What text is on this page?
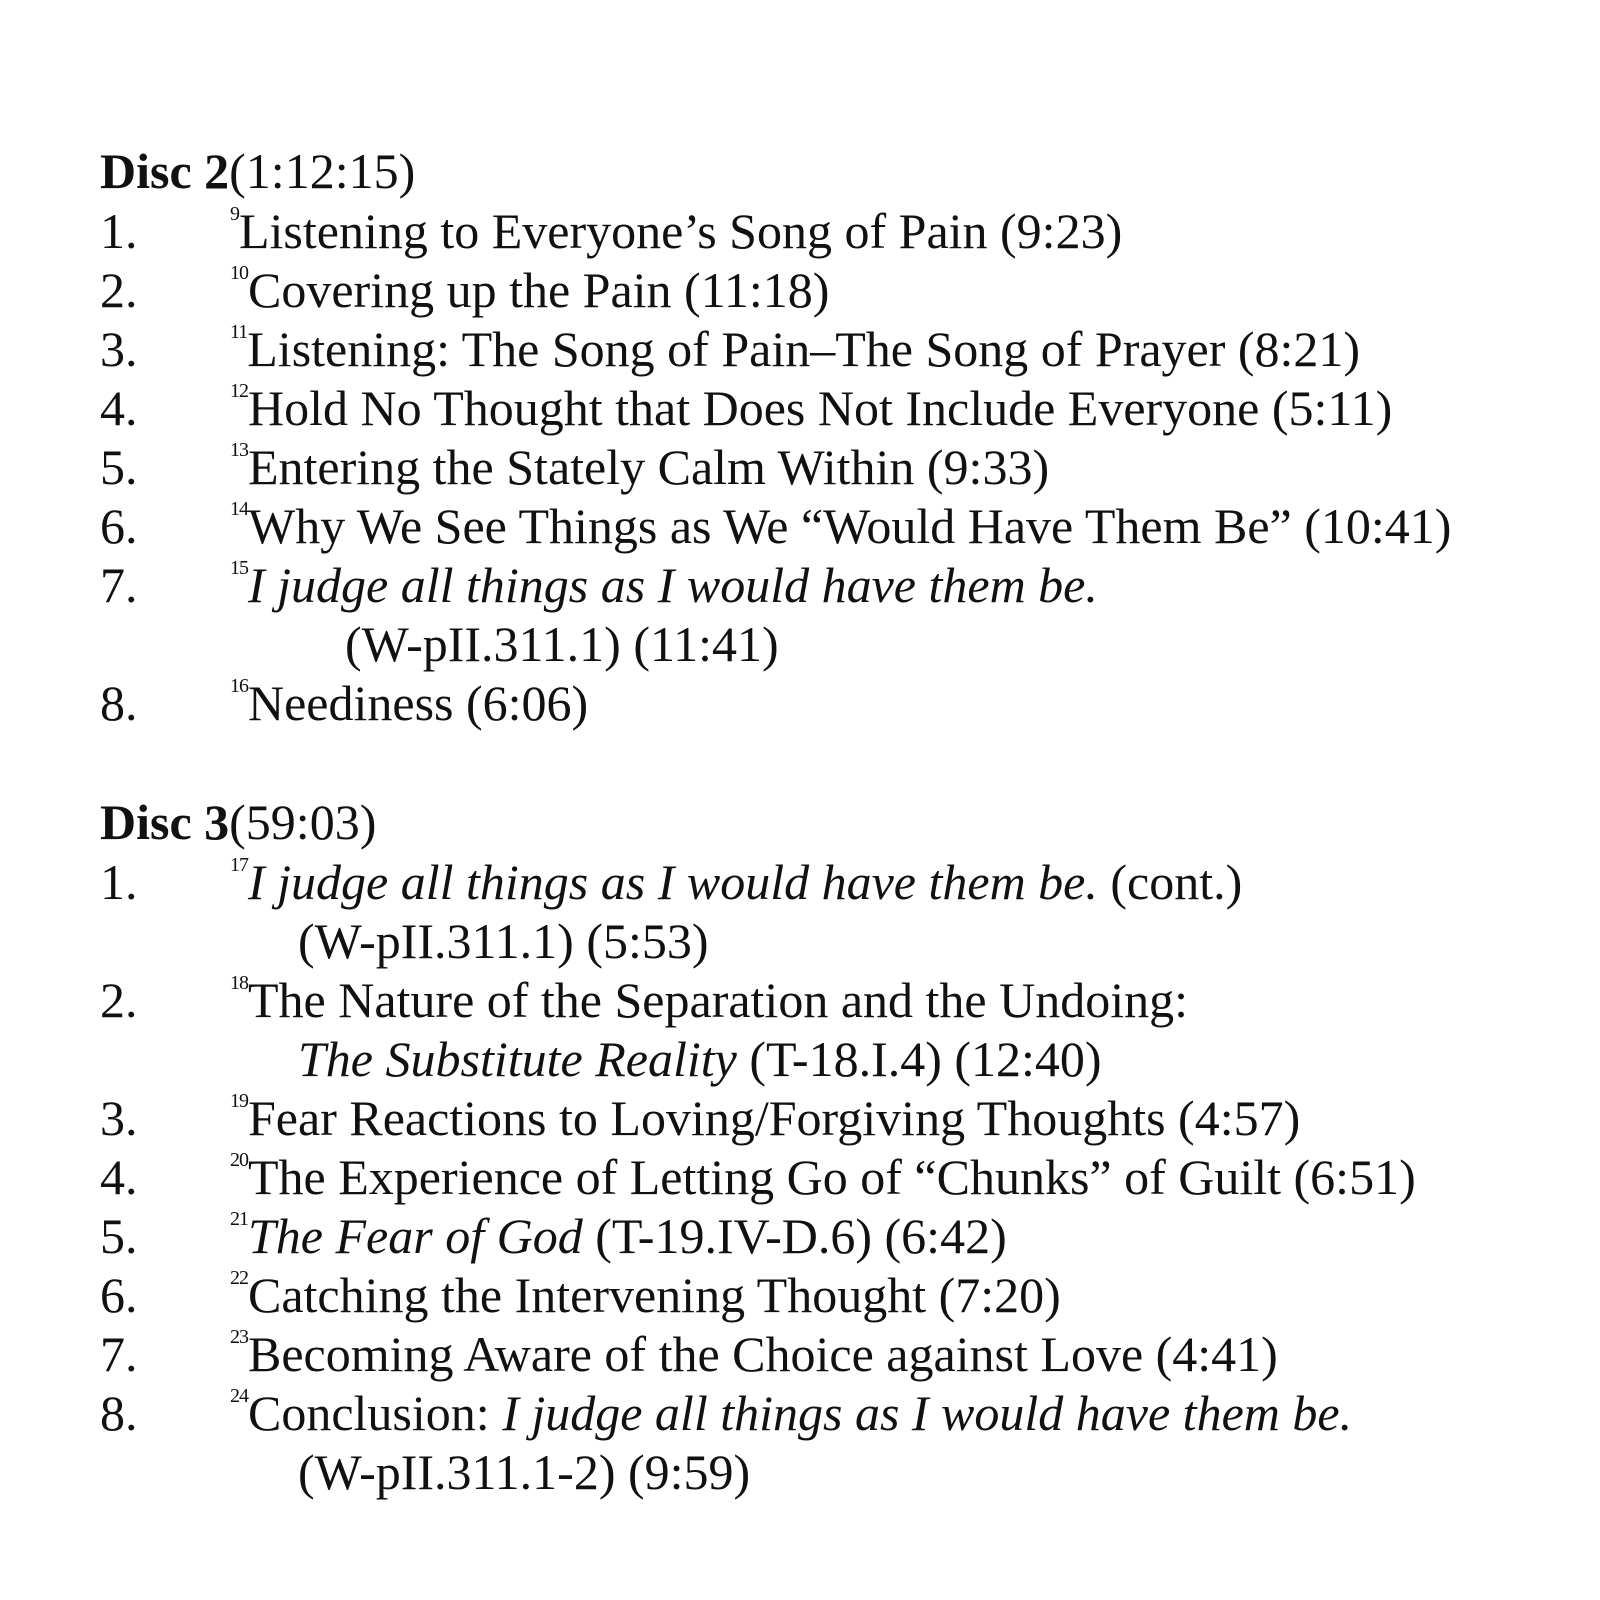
Disc 2(1:12:15)
1.	$^9$Listening to Everyone’s Song of Pain (9:23)
2.	$^{10}$Covering up the Pain (11:18)
3.	$^{11}$Listening: The Song of Pain–The Song of Prayer (8:21)
4.	$^{12}$Hold No Thought that Does Not Include Everyone (5:11)
5.	$^{13}$Entering the Stately Calm Within (9:33)
6.	$^{14}$Why We See Things as We “Would Have Them Be” (10:41)
7.	$^{15}$I judge all things as I would have them be.
(W-pII.311.1) (11:41)
8.	$^{16}$Neediness (6:06)
Disc 3(59:03)
1.	$^{17}$I judge all things as I would have them be. (cont.)
(W-pII.311.1) (5:53)
2.	$^{18}$The Nature of the Separation and the Undoing:
The Substitute Reality (T-18.I.4) (12:40)
3.	$^{19}$Fear Reactions to Loving/Forgiving Thoughts (4:57)
4.	$^{20}$The Experience of Letting Go of “Chunks” of Guilt (6:51)
5.	$^{21}$The Fear of God (T-19.IV-D.6) (6:42)
6.	$^{22}$Catching the Intervening Thought (7:20)
7.	$^{23}$Becoming Aware of the Choice against Love (4:41)
8.	$^{24}$Conclusion: I judge all things as I would have them be.
(W-pII.311.1-2) (9:59)
